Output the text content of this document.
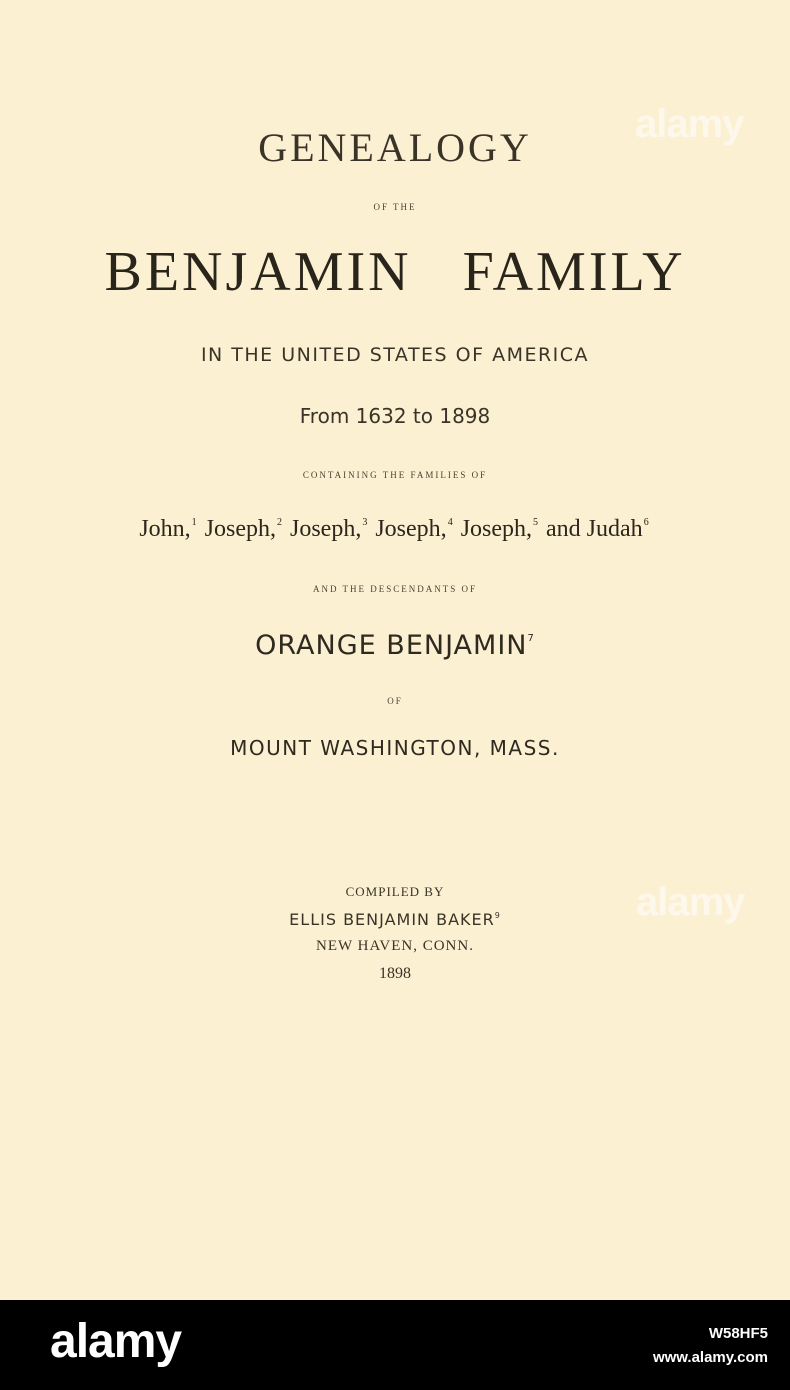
GENEALOGY
OF THE
BENJAMIN   FAMILY
IN THE UNITED STATES OF AMERICA
From 1632 to 1898
CONTAINING THE FAMILIES OF
John,$^1$ Joseph,$^2$ Joseph,$^3$ Joseph,$^4$ Joseph,$^5$ and Judah$^6$
AND THE DESCENDANTS OF
ORANGE BENJAMIN$^7$
OF
MOUNT WASHINGTON, MASS.
COMPILED BY
ELLIS BENJAMIN BAKER$^9$
NEW HAVEN, CONN.
1898
alamy
alamy
alamy	W58HF5
www.alamy.com
